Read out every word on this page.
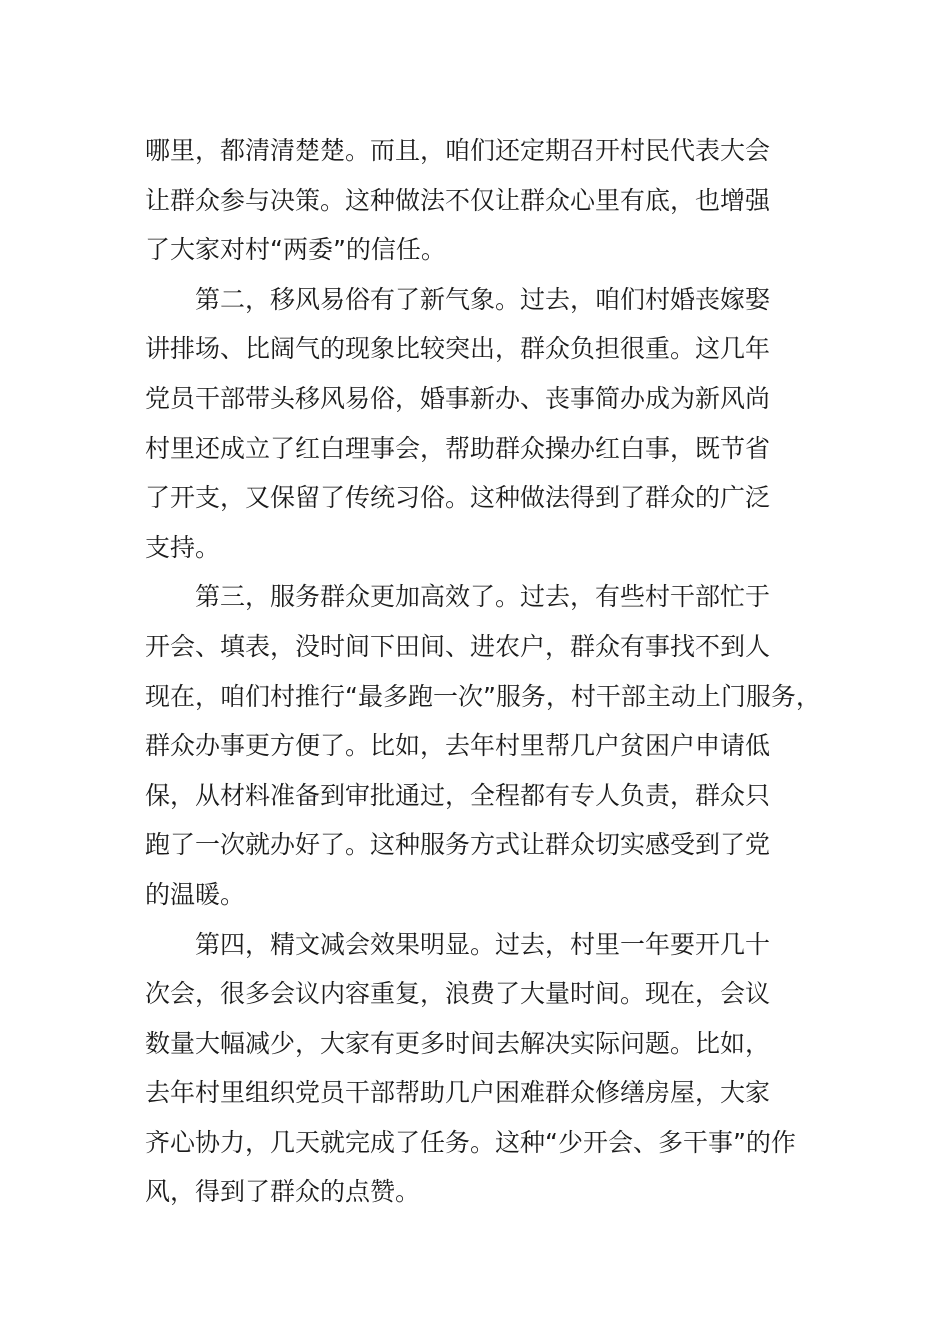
哪里，都清清楚楚。而且，咱们还定期召开村民代表大会
让群众参与决策。这种做法不仅让群众心里有底，也增强
了大家对村“两委”的信任。
第二，移风易俗有了新气象。过去，咱们村婚丧嫁娶
讲排场、比阔气的现象比较突出，群众负担很重。这几年
党员干部带头移风易俗，婚事新办、丧事简办成为新风尚
村里还成立了红白理事会，帮助群众操办红白事，既节省
了开支，又保留了传统习俗。这种做法得到了群众的广泛
支持。
第三，服务群众更加高效了。过去，有些村干部忙于
开会、填表，没时间下田间、进农户，群众有事找不到人
现在，咱们村推行“最多跑一次”服务，村干部主动上门服务，
群众办事更方便了。比如，去年村里帮几户贫困户申请低
保，从材料准备到审批通过，全程都有专人负责，群众只
跑了一次就办好了。这种服务方式让群众切实感受到了党
的温暖。
第四，精文减会效果明显。过去，村里一年要开几十
次会，很多会议内容重复，浪费了大量时间。现在，会议
数量大幅减少，大家有更多时间去解决实际问题。比如，
去年村里组织党员干部帮助几户困难群众修缮房屋，大家
齐心协力，几天就完成了任务。这种“少开会、多干事”的作
风，得到了群众的点赞。
